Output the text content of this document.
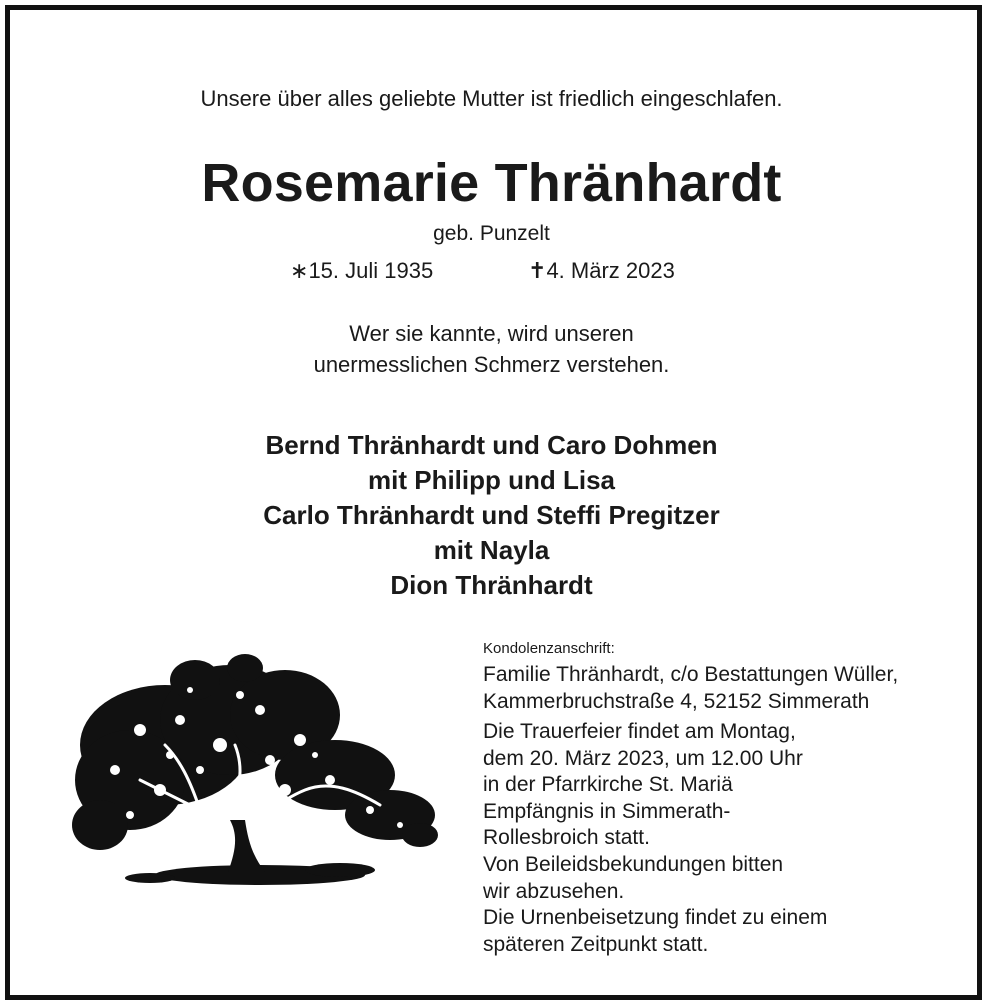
Unsere über alles geliebte Mutter ist friedlich eingeschlafen.
Rosemarie Thränhardt
geb. Punzelt
∗15. Juli 1935	✝4. März 2023
Wer sie kannte, wird unseren
unermesslichen Schmerz verstehen.
Bernd Thränhardt und Caro Dohmen
mit Philipp und Lisa
Carlo Thränhardt und Steffi Pregitzer
mit Nayla
Dion Thränhardt
Kondolenzanschrift:
Familie Thränhardt, c/o Bestattungen Wüller,
Kammerbruchstraße 4, 52152 Simmerath
Die Trauerfeier findet am Montag,
dem 20. März 2023, um 12.00 Uhr
in der Pfarrkirche St. Mariä
Empfängnis in Simmerath-
Rollesbroich statt.
Von Beileidsbekundungen bitten
wir abzusehen.
Die Urnenbeisetzung findet zu einem
späteren Zeitpunkt statt.
